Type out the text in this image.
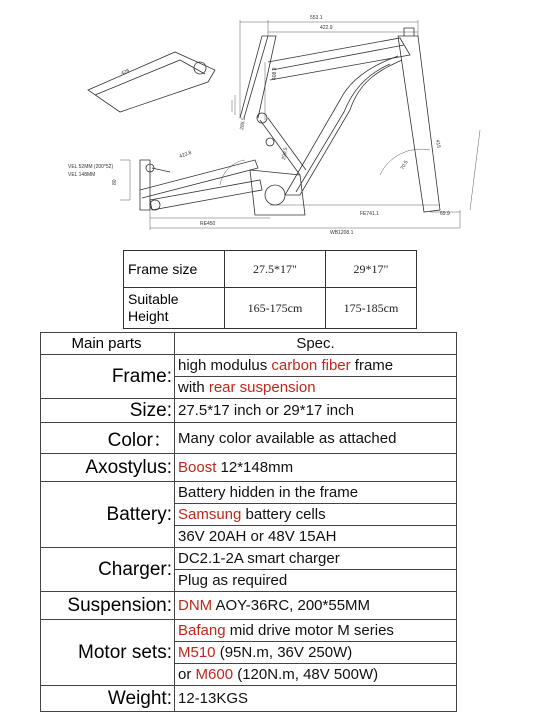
553.1
422.9
408.9
428
415
423.8	290.5
285.5
80
70.5
69.9
RE450
FE741.1
WB1208.1
VEL 52MM (200*52)
VEL 148MM
Frame size	27.5*17"	29*17"
Suitable
Height	165-175cm	175-185cm
Main parts	Spec.
Frame:	high modulus carbon fiber frame
	with rear suspension
Size:	27.5*17 inch or 29*17 inch
Color：	Many color available as attached
Axostylus:	Boost 12*148mm
Battery:	Battery hidden in the frame
	Samsung battery cells
	36V 20AH or 48V 15AH
Charger:	DC2.1-2A smart charger
	Plug as required
Suspension:	DNM AOY-36RC, 200*55MM
Motor sets:	Bafang mid drive motor M series
	M510 (95N.m, 36V 250W)
	or M600 (120N.m, 48V 500W)
Weight:	12-13KGS
